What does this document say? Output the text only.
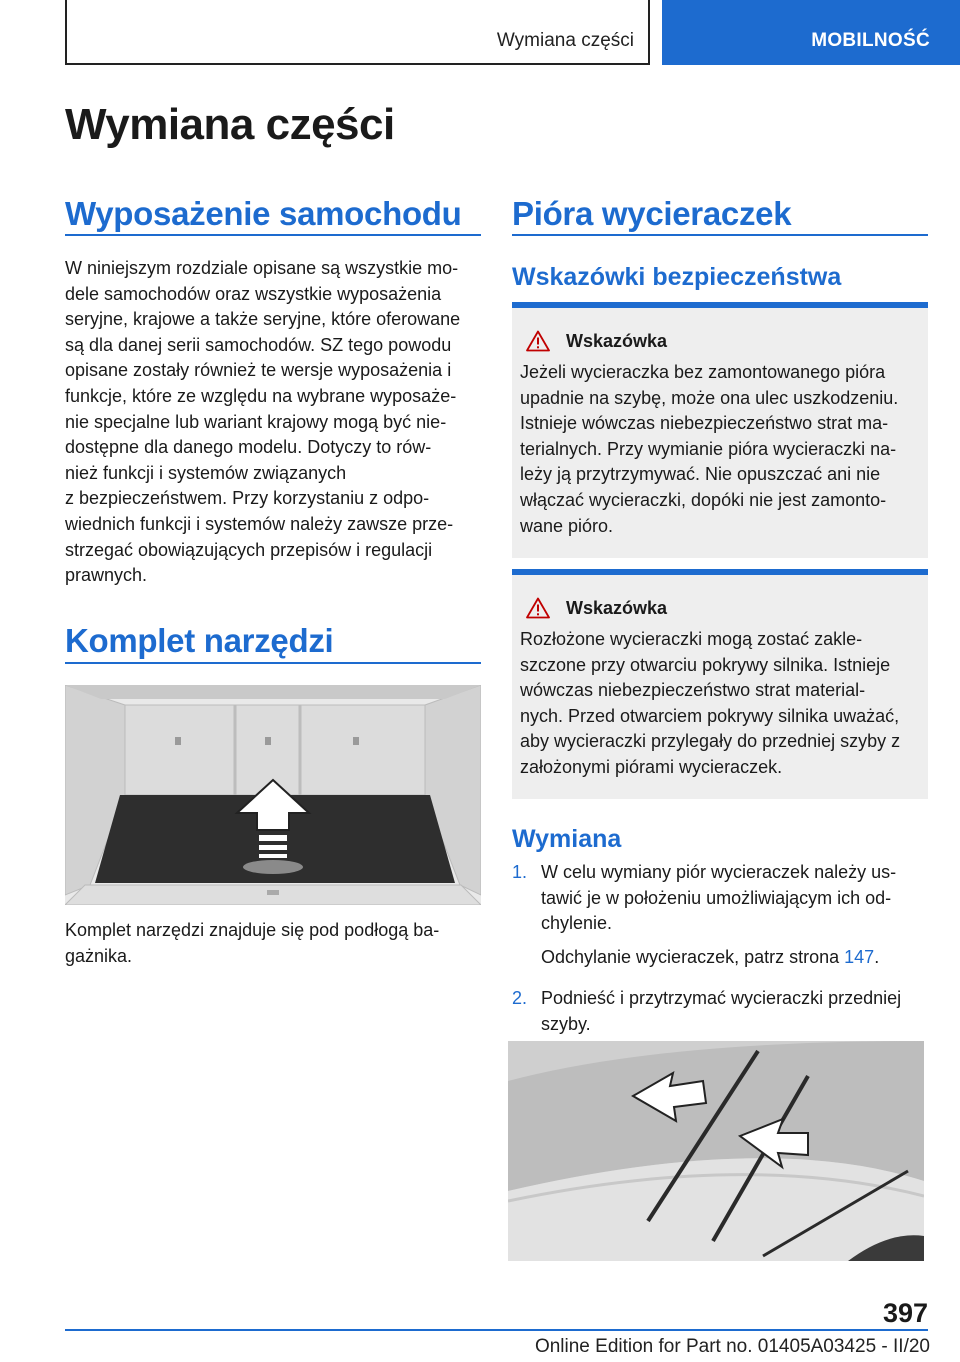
Wymiana części	MOBILNOŚĆ
Wymiana części
Wyposażenie samochodu
W niniejszym rozdziale opisane są wszystkie mo-
dele samochodów oraz wszystkie wyposażenia
seryjne, krajowe a także seryjne, które oferowane
są dla danej serii samochodów. SZ tego powodu
opisane zostały również te wersje wyposażenia i
funkcje, które ze względu na wybrane wyposaże-
nie specjalne lub wariant krajowy mogą być nie-
dostępne dla danego modelu. Dotyczy to rów-
nież funkcji i systemów związanych
z bezpieczeństwem. Przy korzystaniu z odpo-
wiednich funkcji i systemów należy zawsze prze-
strzegać obowiązujących przepisów i regulacji
prawnych.
Komplet narzędzi
Komplet narzędzi znajduje się pod podłogą ba-
gażnika.
Pióra wycieraczek
Wskazówki bezpieczeństwa
Wskazówka
Jeżeli wycieraczka bez zamontowanego pióra
upadnie na szybę, może ona ulec uszkodzeniu.
Istnieje wówczas niebezpieczeństwo strat ma-
terialnych. Przy wymianie pióra wycieraczki na-
leży ją przytrzymywać. Nie opuszczać ani nie
włączać wycieraczki, dopóki nie jest zamonto-
wane pióro.
Wskazówka
Rozłożone wycieraczki mogą zostać zakle-
szczone przy otwarciu pokrywy silnika. Istnieje
wówczas niebezpieczeństwo strat material-
nych. Przed otwarciem pokrywy silnika uważać,
aby wycieraczki przylegały do przedniej szyby z
założonymi piórami wycieraczek.
Wymiana
1. W celu wymiany piór wycieraczek należy us-
tawić je w położeniu umożliwiającym ich od-
chylenie.

Odchylanie wycieraczek, patrz strona 147.

2. Podnieść i przytrzymać wycieraczki przedniej
szyby.

397
Online Edition for Part no. 01405A03425 - II/20
